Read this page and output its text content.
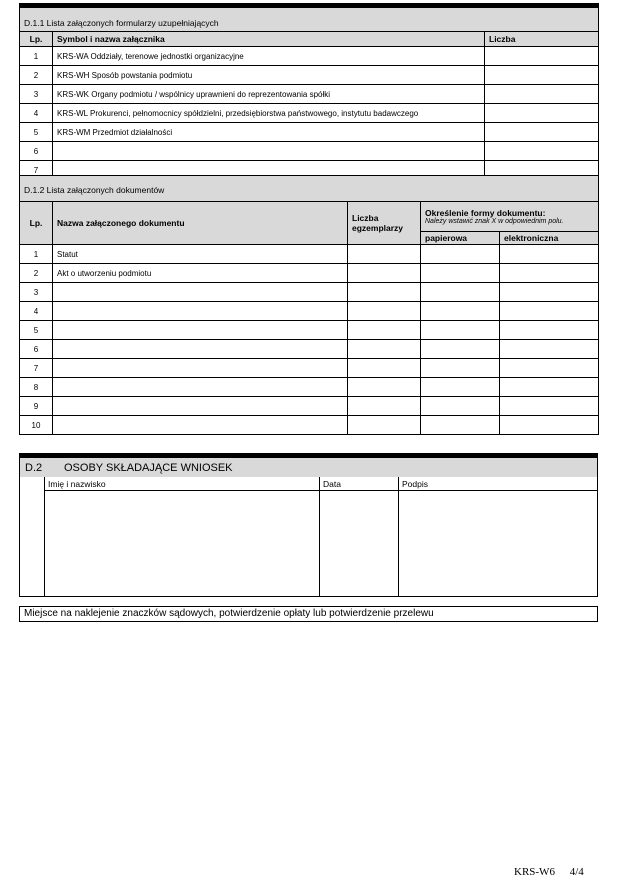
D.1.1 Lista załączonych formularzy uzupełniających		
Lp.	Symbol i nazwa załącznika	Liczba
1	KRS-WA Oddziały, terenowe jednostki organizacyjne	
2	KRS-WH Sposób powstania podmiotu	
3	KRS-WK Organy podmiotu / wspólnicy uprawnieni do reprezentowania spółki	
4	KRS-WL Prokurenci, pełnomocnicy spółdzielni, przedsiębiorstwa państwowego, instytutu badawczego	
5	KRS-WM Przedmiot działalności	
6		
7		
D.1.2 Lista załączonych dokumentów				
Lp.	Nazwa załączonego dokumentu	Liczba egzemplarzy	Określenie formy dokumentu:
Należy wstawić znak X w odpowiednim polu.	

			papierowa	elektroniczna
1	Statut			
2	Akt o utworzeniu podmiotu			
3				
4				
5				
6				
7				
8				
9				
10				
D.2 OSOBY SKŁADAJĄCE WNIOSEK
Imię i nazwisko	Data	Podpis
Miejsce na naklejenie znaczków sądowych, potwierdzenie opłaty lub potwierdzenie przelewu
KRS-W6 4/4
